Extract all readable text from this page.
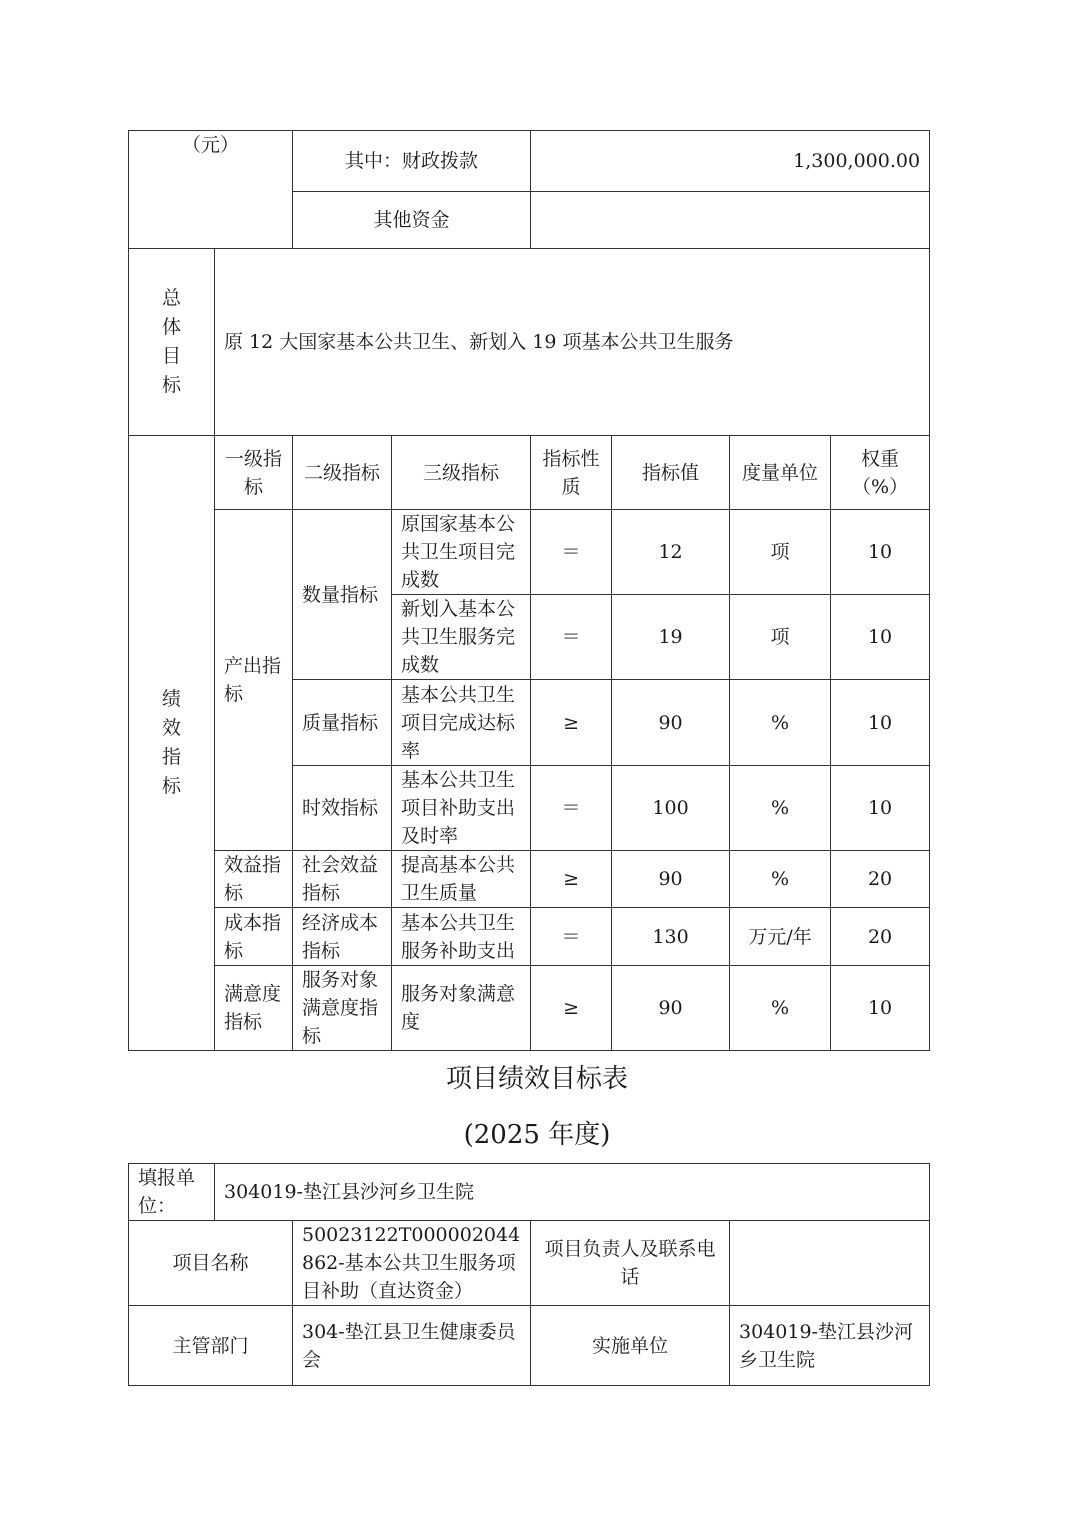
（元）		其中：财政拨款		1,300,000.00			
		其他资金					

总
体
目
标	原 12 大国家基本公共卫生、新划入 19 项基本公共卫生服务						

绩
效
指
标	一级指标	二级指标	三级指标	指标性质	指标值	度量单位	权重（%）
	产出指标	数量指标	原国家基本公共卫生项目完成数	＝	12	项	10
			新划入基本公共卫生服务完成数	＝	19	项	10
		质量指标	基本公共卫生项目完成达标率	≥	90	%	10
		时效指标	基本公共卫生项目补助支出及时率	＝	100	%	10
	效益指标	社会效益指标	提高基本公共卫生质量	≥	90	%	20
	成本指标	经济成本指标	基本公共卫生服务补助支出	＝	130	万元/年	20
	满意度指标	服务对象满意度指标	服务对象满意度	≥	90	%	10
项目绩效目标表
(2025 年度)
填报单位：	304019-垫江县沙河乡卫生院			
项目名称		50023122T000002044862-基本公共卫生服务项目补助（直达资金）	项目负责人及联系电话	
主管部门		304-垫江县卫生健康委员会	实施单位	304019-垫江县沙河乡卫生院
